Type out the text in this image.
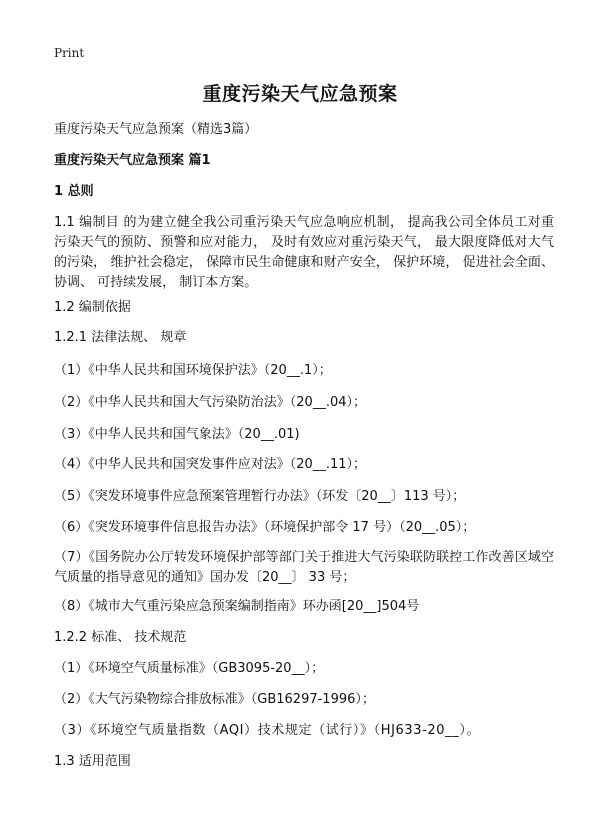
Print
重度污染天气应急预案
重度污染天气应急预案（精选3篇）
重度污染天气应急预案 篇1
1 总则
1.1 编制目 的为建立健全我公司重污染天气应急响应机制， 提高我公司全体员工对重污染天气的预防、预警和应对能力， 及时有效应对重污染天气， 最大限度降低对大气的污染， 维护社会稳定， 保障市民生命健康和财产安全， 保护环境， 促进社会全面、 协调、 可持续发展， 制订本方案。
1.2 编制依据
1.2.1 法律法规、 规章
（1）《中华人民共和国环境保护法》（20__.1）；
（2）《中华人民共和国大气污染防治法》（20__.04）；
（3）《中华人民共和国气象法》（20__.01)
（4）《中华人民共和国突发事件应对法》（20__.11）；
（5）《突发环境事件应急预案管理暂行办法》（环发〔20__〕113 号）；
（6）《突发环境事件信息报告办法》（环境保护部令 17 号）（20__.05）；
（7）《国务院办公厅转发环境保护部等部门关于推进大气污染联防联控工作改善区域空气质量的指导意见的通知》国办发〔20__〕 33 号；
（8）《城市大气重污染应急预案编制指南》环办函[20__]504号
1.2.2 标准、 技术规范
（1）《环境空气质量标准》（GB3095-20__）；
（2）《大气污染物综合排放标准》（GB16297-1996）；
（3）《环境空气质量指数（AQI）技术规定（试行）》（HJ633-20__）。
1.3 适用范围
